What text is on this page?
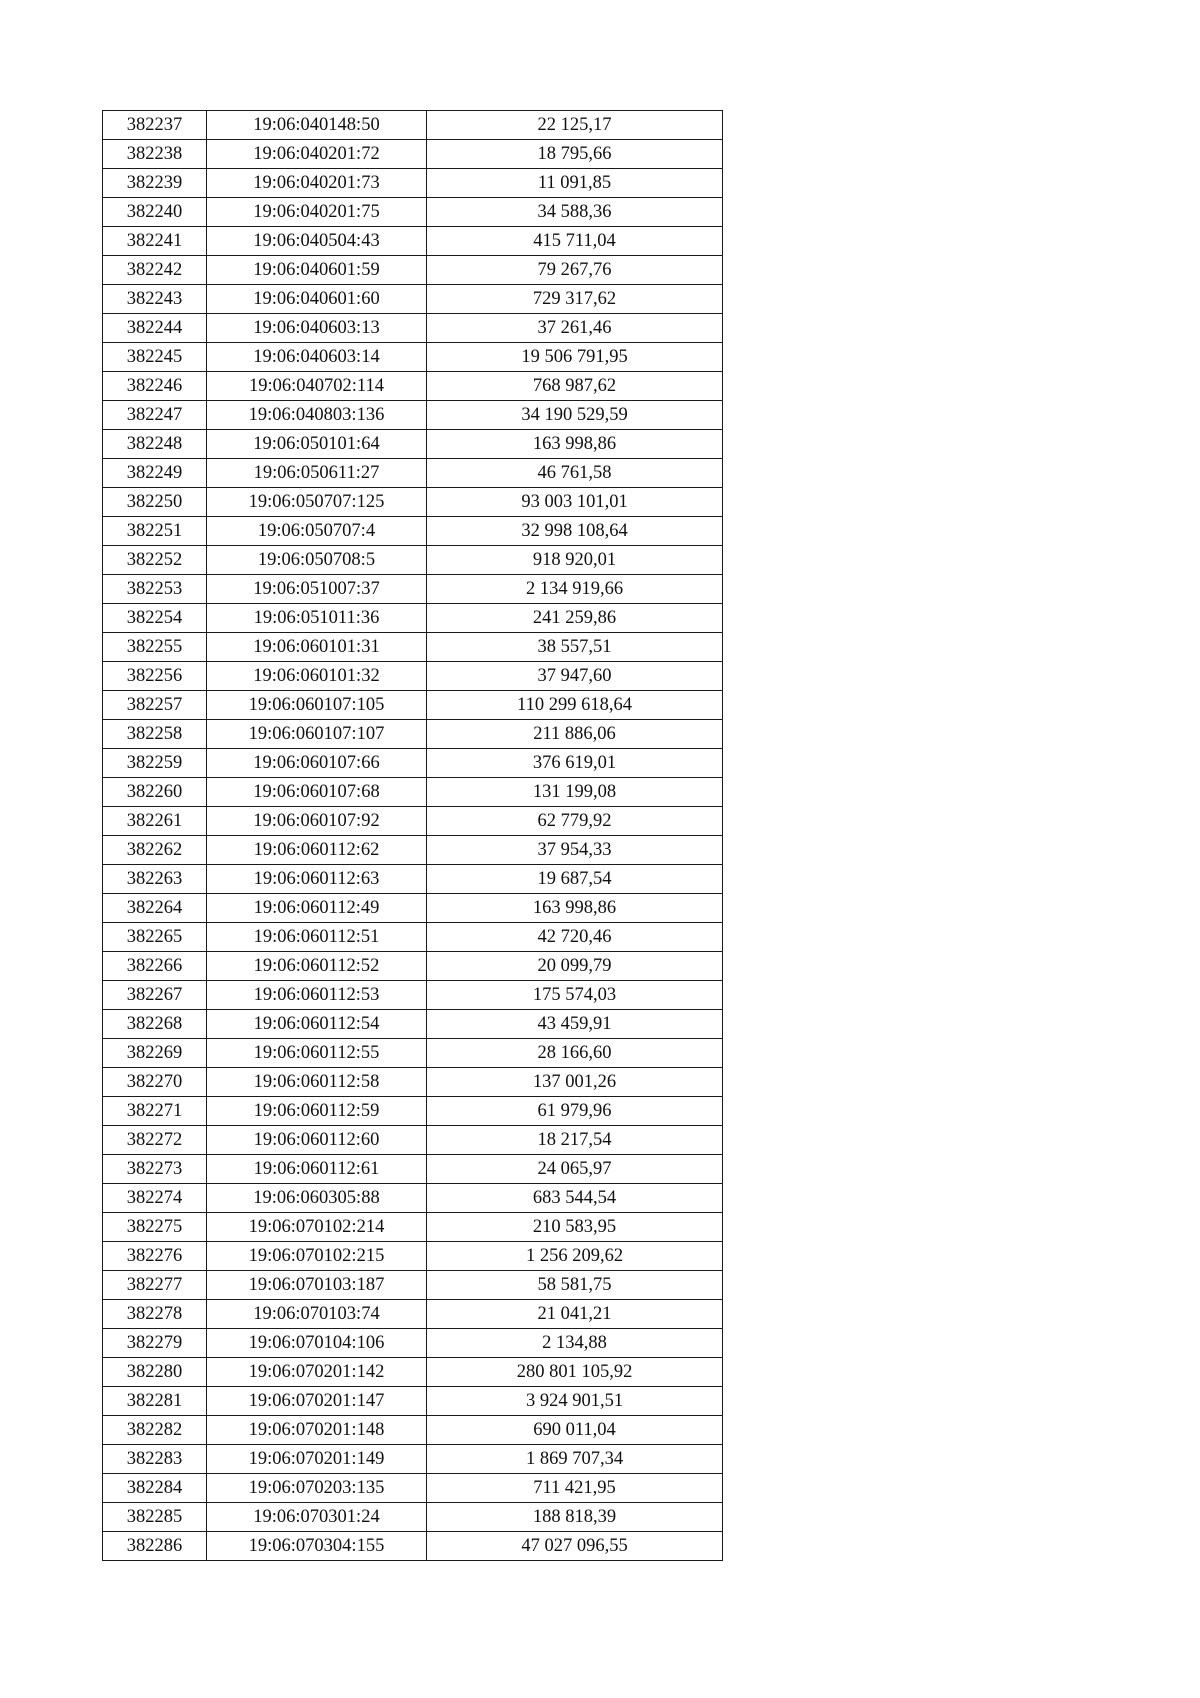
382237	19:06:040148:50	22 125,17
382238	19:06:040201:72	18 795,66
382239	19:06:040201:73	11 091,85
382240	19:06:040201:75	34 588,36
382241	19:06:040504:43	415 711,04
382242	19:06:040601:59	79 267,76
382243	19:06:040601:60	729 317,62
382244	19:06:040603:13	37 261,46
382245	19:06:040603:14	19 506 791,95
382246	19:06:040702:114	768 987,62
382247	19:06:040803:136	34 190 529,59
382248	19:06:050101:64	163 998,86
382249	19:06:050611:27	46 761,58
382250	19:06:050707:125	93 003 101,01
382251	19:06:050707:4	32 998 108,64
382252	19:06:050708:5	918 920,01
382253	19:06:051007:37	2 134 919,66
382254	19:06:051011:36	241 259,86
382255	19:06:060101:31	38 557,51
382256	19:06:060101:32	37 947,60
382257	19:06:060107:105	110 299 618,64
382258	19:06:060107:107	211 886,06
382259	19:06:060107:66	376 619,01
382260	19:06:060107:68	131 199,08
382261	19:06:060107:92	62 779,92
382262	19:06:060112:62	37 954,33
382263	19:06:060112:63	19 687,54
382264	19:06:060112:49	163 998,86
382265	19:06:060112:51	42 720,46
382266	19:06:060112:52	20 099,79
382267	19:06:060112:53	175 574,03
382268	19:06:060112:54	43 459,91
382269	19:06:060112:55	28 166,60
382270	19:06:060112:58	137 001,26
382271	19:06:060112:59	61 979,96
382272	19:06:060112:60	18 217,54
382273	19:06:060112:61	24 065,97
382274	19:06:060305:88	683 544,54
382275	19:06:070102:214	210 583,95
382276	19:06:070102:215	1 256 209,62
382277	19:06:070103:187	58 581,75
382278	19:06:070103:74	21 041,21
382279	19:06:070104:106	2 134,88
382280	19:06:070201:142	280 801 105,92
382281	19:06:070201:147	3 924 901,51
382282	19:06:070201:148	690 011,04
382283	19:06:070201:149	1 869 707,34
382284	19:06:070203:135	711 421,95
382285	19:06:070301:24	188 818,39
382286	19:06:070304:155	47 027 096,55
